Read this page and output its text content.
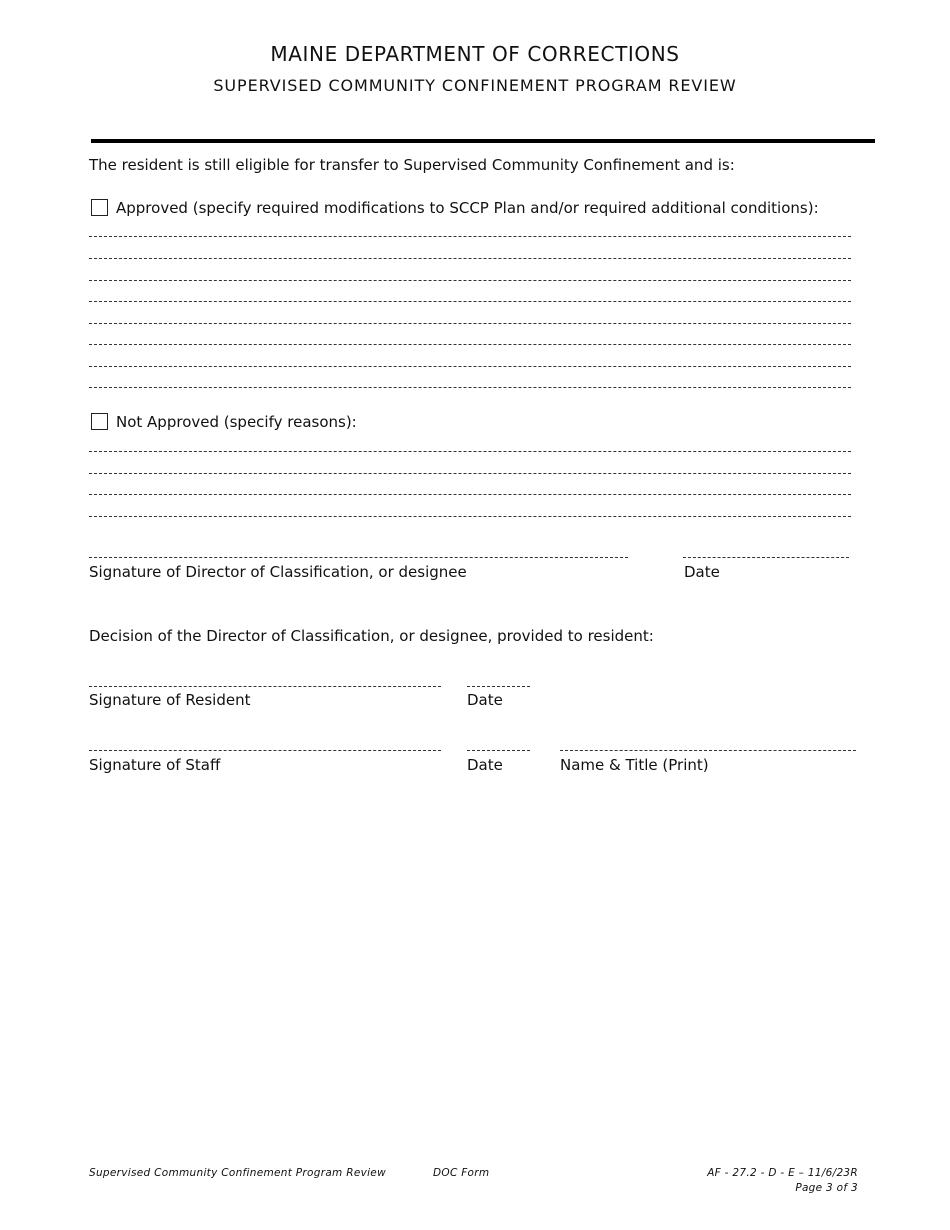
MAINE DEPARTMENT OF CORRECTIONS
SUPERVISED COMMUNITY CONFINEMENT PROGRAM REVIEW
The resident is still eligible for transfer to Supervised Community Confinement and is:
Approved (specify required modifications to SCCP Plan and/or required additional conditions):
Not Approved (specify reasons):
Signature of Director of Classification, or designee	Date
Decision of the Director of Classification, or designee, provided to resident:
Signature of Resident	Date
Signature of Staff	Date	Name & Title (Print)
Supervised Community Confinement Program Review	DOC Form	AF - 27.2 - D - E – 11/6/23R
Page 3 of 3
